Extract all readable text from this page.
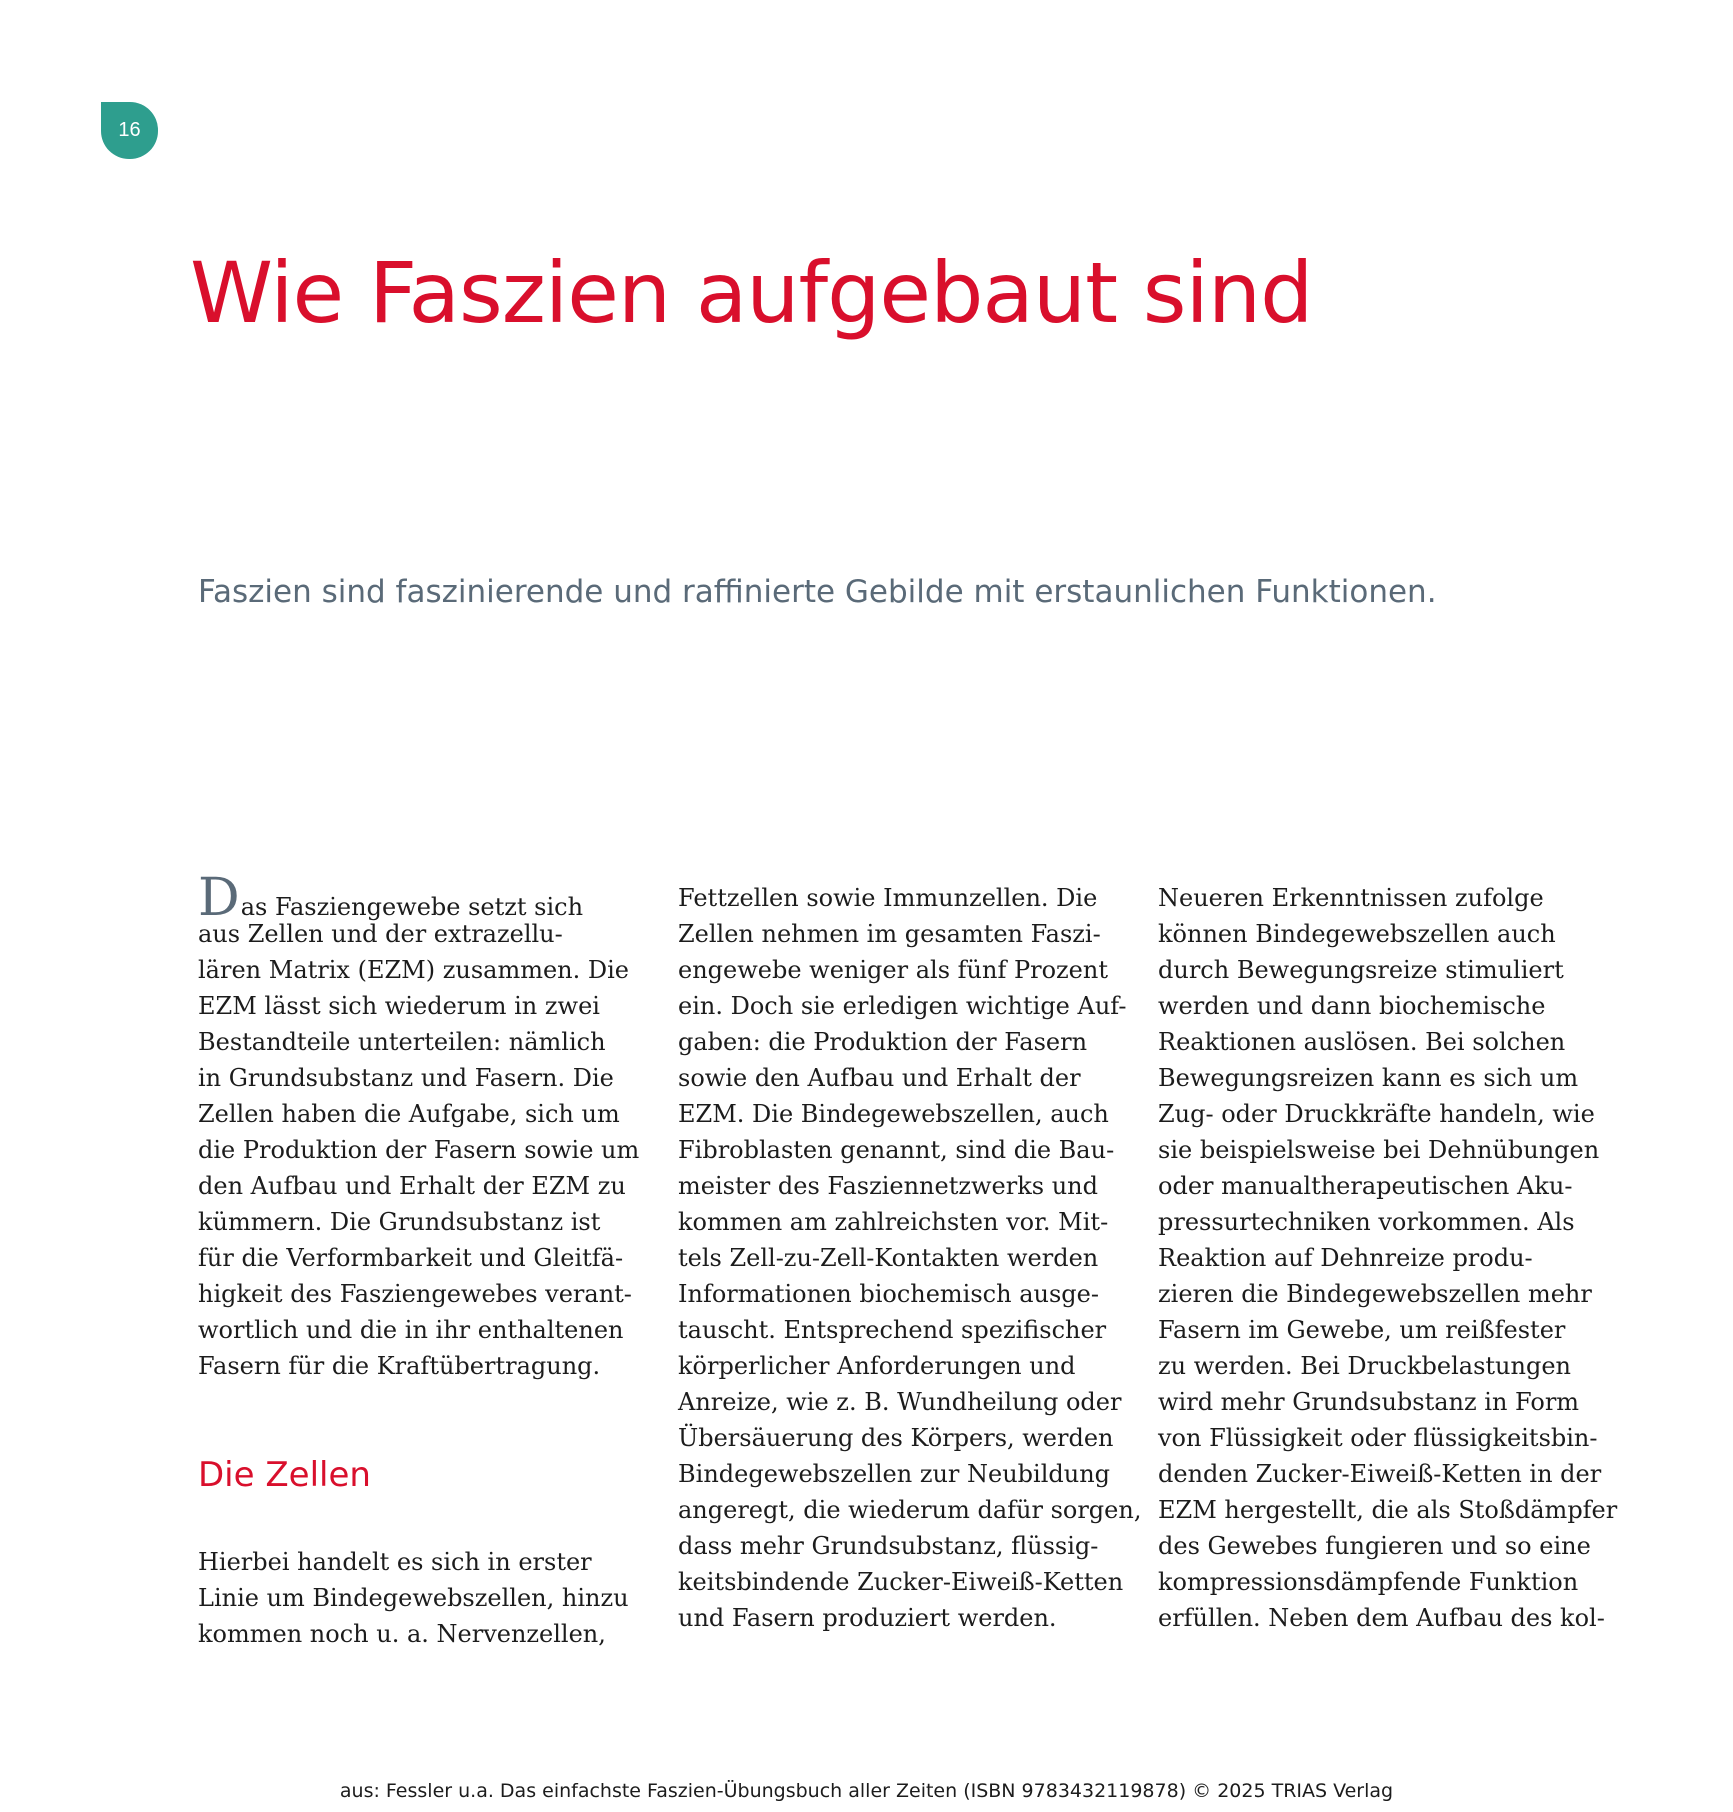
16
Wie Faszien aufgebaut sind

Faszien sind faszinierende und raffinierte Gebilde mit erstaunlichen Funktionen.

Das Fasziengewebe setzt sich
aus Zellen und der extrazellu-
lären Matrix (EZM) zusammen. Die
EZM lässt sich wiederum in zwei
Bestandteile unterteilen: nämlich
in Grundsubstanz und Fasern. Die
Zellen haben die Aufgabe, sich um
die Produktion der Fasern sowie um
den Aufbau und Erhalt der EZM zu
kümmern. Die Grundsubstanz ist
für die Verformbarkeit und Gleitfä-
higkeit des Fasziengewebes verant-
wortlich und die in ihr enthaltenen
Fasern für die Kraftübertragung.
Die Zellen
Hierbei handelt es sich in erster
Linie um Bindegewebszellen, hinzu
kommen noch u. a. Nervenzellen,
Fettzellen sowie Immunzellen. Die
Zellen nehmen im gesamten Faszi-
engewebe weniger als fünf Prozent
ein. Doch sie erledigen wichtige Auf-
gaben: die Produktion der Fasern
sowie den Aufbau und Erhalt der
EZM. Die Bindegewebszellen, auch
Fibroblasten genannt, sind die Bau-
meister des Fasziennetzwerks und
kommen am zahlreichsten vor. Mit-
tels Zell-zu-Zell-Kontakten werden
Informationen biochemisch ausge-
tauscht. Entsprechend spezifischer
körperlicher Anforderungen und
Anreize, wie z. B. Wundheilung oder
Übersäuerung des Körpers, werden
Bindegewebszellen zur Neubildung
angeregt, die wiederum dafür sorgen,
dass mehr Grundsubstanz, flüssig-
keitsbindende Zucker-Eiweiß-Ketten
und Fasern produziert werden.
Neueren Erkenntnissen zufolge
können Bindegewebszellen auch
durch Bewegungsreize stimuliert
werden und dann biochemische
Reaktionen auslösen. Bei solchen
Bewegungsreizen kann es sich um
Zug- oder Druckkräfte handeln, wie
sie beispielsweise bei Dehnübungen
oder manualtherapeutischen Aku-
pressurtechniken vorkommen. Als
Reaktion auf Dehnreize produ-
zieren die Bindegewebszellen mehr
Fasern im Gewebe, um reißfester
zu werden. Bei Druckbelastungen
wird mehr Grundsubstanz in Form
von Flüssigkeit oder flüssigkeitsbin-
denden Zucker-Eiweiß-Ketten in der
EZM hergestellt, die als Stoßdämpfer
des Gewebes fungieren und so eine
kompressionsdämpfende Funktion
erfüllen. Neben dem Aufbau des kol-
aus: Fessler u.a. Das einfachste Faszien-Übungsbuch aller Zeiten (ISBN 9783432119878) © 2025 TRIAS Verlag
